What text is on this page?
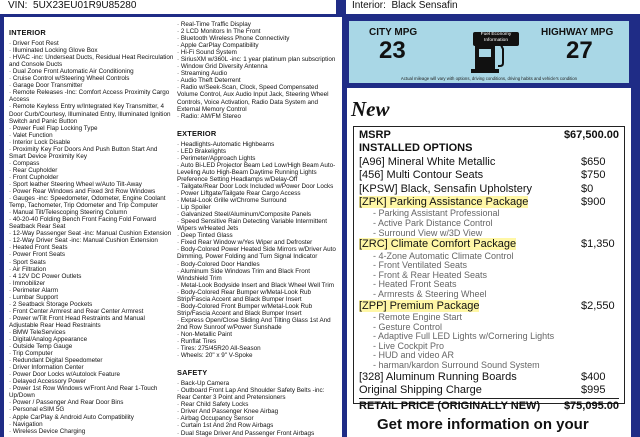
VIN: 5UX23EU01R9U85280	Interior: Black Sensafin
INTERIOR
· Driver Foot Rest
· Illuminated Locking Glove Box
· HVAC -inc: Underseat Ducts, Residual Heat Recirculation and Console Ducts
· Dual Zone Front Automatic Air Conditioning
· Cruise Control w/Steering Wheel Controls
· Garage Door Transmitter
· Remote Releases -Inc: Comfort Access Proximity Cargo Access
· Remote Keyless Entry w/Integrated Key Transmitter, 4 Door Curb/Courtesy, Illuminated Entry, Illuminated Ignition Switch and Panic Button
· Power Fuel Flap Locking Type
· Valet Function
· Interior Lock Disable
· Proximity Key For Doors And Push Button Start And Smart Device Proximity Key
· Compass
· Rear Cupholder
· Front Cupholder
· Sport leather Steering Wheel w/Auto Tilt-Away
· Power Rear Windows and Fixed 3rd Row Windows
· Gauges -inc: Speedometer, Odometer, Engine Coolant Temp, Tachometer, Trip Odometer and Trip Computer
· Manual Tilt/Telescoping Steering Column
· 40-20-40 Folding Bench Front Facing Fold Forward Seatback Rear Seat
· 12-Way Passenger Seat -inc: Manual Cushion Extension
· 12-Way Driver Seat -inc: Manual Cushion Extension
· Heated Front Seats
· Power Front Seats
· Sport Seats
· Air Filtration
· 4 12V DC Power Outlets
· Immobilizer
· Perimeter Alarm
· Lumbar Support
· 2 Seatback Storage Pockets
· Front Center Armrest and Rear Center Armrest
· Power w/Tilt Front Head Restraints and Manual Adjustable Rear Head Restraints
· BMW TeleServices
· Digital/Analog Appearance
· Outside Temp Gauge
· Trip Computer
· Redundant Digital Speedometer
· Driver Information Center
· Power Door Locks w/Autolock Feature
· Delayed Accessory Power
· Power 1st Row Windows w/Front And Rear 1-Touch Up/Down
· Power / Passenger And Rear Door Bins
· Personal eSIM 5G
· Apple CarPlay & Android Auto Compatibility
· Navigation
· Wireless Device Charging
· Real-Time Traffic Display
· 2 LCD Monitors In The Front
· Bluetooth Wireless Phone Connectivity
· Apple CarPlay Compatibility
· Hi-Fi Sound System
· SiriusXM w/360L -inc: 1 year platinum plan subscription
· Window Grid Diversity Antenna
· Streaming Audio
· Audio Theft Deterrent
· Radio w/Seek-Scan, Clock, Speed Compensated Volume Control, Aux Audio Input Jack, Steering Wheel Controls, Voice Activation, Radio Data System and External Memory Control
· Radio: AM/FM Stereo
EXTERIOR
· Headlights-Automatic Highbeams
· LED Brakelights
· Perimeter/Approach Lights
· Auto Bi-LED Projector Beam Led Low/High Beam Auto-Leveling Auto High-Beam Daytime Running Lights Preference Setting Headlamps w/Delay-Off
· Tailgate/Rear Door Lock Included w/Power Door Locks
· Power Liftgate/Tailgate Rear Cargo Access
· Metal-Look Grille w/Chrome Surround
· Lip Spoiler
· Galvanized Steel/Aluminum/Composite Panels
· Speed Sensitive Rain Detecting Variable Intermittent Wipers w/Heated Jets
· Deep Tinted Glass
· Fixed Rear Window w/Yes Wiper and Defroster
· Body-Colored Power Heated Side Mirrors w/Driver Auto Dimming, Power Folding and Turn Signal Indicator
· Body-Colored Door Handles
· Aluminum Side Windows Trim and Black Front Windshield Trim
· Metal-Look Bodyside Insert and Black Wheel Well Trim
· Body-Colored Rear Bumper w/Metal-Look Rub Strip/Fascia Accent and Black Bumper Insert
· Body-Colored Front Bumper w/Metal-Look Rub Strip/Fascia Accent and Black Bumper Insert
· Express Open/Close Sliding And Tilting Glass 1st And 2nd Row Sunroof w/Power Sunshade
· Non-Metallic Paint
· Runflat Tires
· Tires: 275/45R20 All-Season
· Wheels: 20" x 9" V-Spoke
SAFETY
· Back-Up Camera
· Outboard Front Lap And Shoulder Safety Belts -inc: Rear Center 3 Point and Pretensioners
· Rear Child Safety Locks
· Driver And Passenger Knee Airbag
· Airbag Occupancy Sensor
· Curtain 1st And 2nd Row Airbags
· Dual Stage Driver And Passenger Front Airbags
CITY MPG
23
Fuel Economy
Information
HIGHWAY MPG
27
Actual mileage will vary with options, driving conditions, driving habits and vehicle's condition
New
MSRP	$67,500.00
INSTALLED OPTIONS
[A96] Mineral White Metallic	$650
[456] Multi Contour Seats	$750
[KPSW] Black, Sensafin Upholstery	$0
[ZPK] Parking Assistance Package	$900
- Parking Assistant Professional
- Active Park Distance Control
- Surround View w/3D View
[ZRC] Climate Comfort Package	$1,350
- 4-Zone Automatic Climate Control
- Front Ventilated Seats
- Front & Rear Heated Seats
- Heated Front Seats
- Armrests & Steering Wheel
[ZPP] Premium Package	$2,550
- Remote Engine Start
- Gesture Control
- Adaptive Full LED Lights w/Cornering Lights
- Live Cockpit Pro
- HUD and video AR
- harman/kardon Surround Sound System
[328] Aluminum Running Boards	$400
Original Shipping Charge	$995
RETAIL PRICE (ORIGINALLY NEW) $75,095.00
Get more information on your
